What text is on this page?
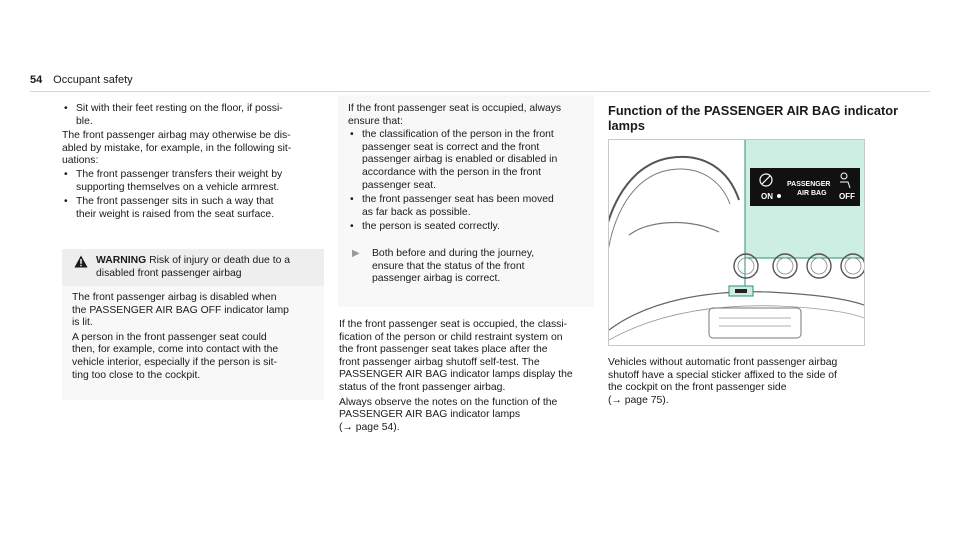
54 Occupant safety
• Sit with their feet resting on the floor, if possi-
ble.

The front passenger airbag may otherwise be dis-
abled by mistake, for example, in the following sit-
uations:

• The front passenger transfers their weight by
supporting themselves on a vehicle armrest.
• The front passenger sits in such a way that
their weight is raised from the seat surface.
WARNING Risk of injury or death due to a
disabled front passenger airbag

The front passenger airbag is disabled when
the PASSENGER AIR BAG OFF indicator lamp
is lit.

A person in the front passenger seat could
then, for example, come into contact with the
vehicle interior, especially if the person is sit-
ting too close to the cockpit.

If the front passenger seat is occupied, always
ensure that:

• the classification of the person in the front
passenger seat is correct and the front
passenger airbag is enabled or disabled in
accordance with the person in the front
passenger seat.
• the front passenger seat has been moved
as far back as possible.
• the person is seated correctly.
▶ Both before and during the journey,
ensure that the status of the front
passenger airbag is correct.

If the front passenger seat is occupied, the classi-
fication of the person or child restraint system on
the front passenger seat takes place after the
front passenger airbag shutoff self-test. The
PASSENGER AIR BAG indicator lamps display the
status of the front passenger airbag.

Always observe the notes on the function of the
PASSENGER AIR BAG indicator lamps
(→ page 54).

Function of the PASSENGER AIR BAG indicator
lamps
ON
PASSENGER
AIR BAG OFF
Vehicles without automatic front passenger airbag
shutoff have a special sticker affixed to the side of
the cockpit on the front passenger side
(→ page 75).
